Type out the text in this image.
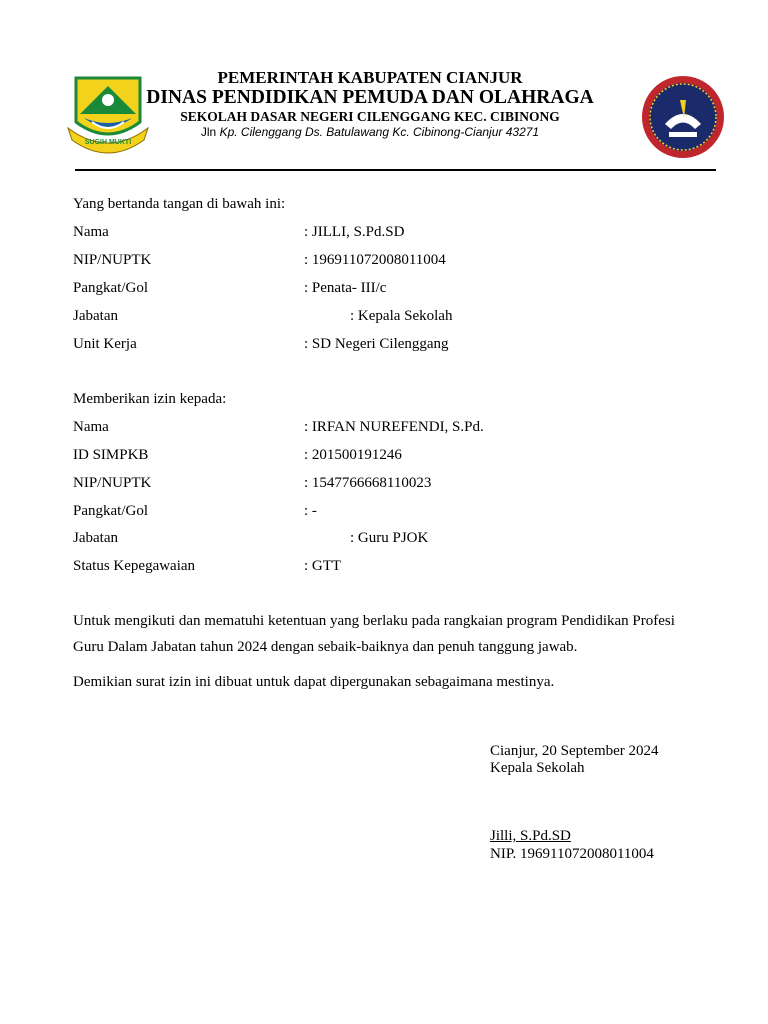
SUGIH MUKTI
PEMERINTAH KABUPATEN CIANJUR
DINAS PENDIDIKAN PEMUDA DAN OLAHRAGA
SEKOLAH DASAR NEGERI CILENGGANG KEC. CIBINONG
Jln Kp. Cilenggang Ds. Batulawang Kc. Cibinong-Cianjur 43271
Yang bertanda tangan di bawah ini:
Nama	: JILLI, S.Pd.SD
NIP/NUPTK	: 196911072008011004
Pangkat/Gol	: Penata- III/c
Jabatan	: Kepala Sekolah
Unit Kerja	: SD Negeri Cilenggang
Memberikan izin kepada:
Nama	: IRFAN NUREFENDI, S.Pd.
ID SIMPKB	: 201500191246
NIP/NUPTK	: 1547766668110023
Pangkat/Gol	: -
Jabatan	: Guru PJOK
Status Kepegawaian	: GTT
Untuk mengikuti dan mematuhi ketentuan yang berlaku pada rangkaian program Pendidikan Profesi Guru Dalam Jabatan tahun 2024 dengan sebaik-baiknya dan penuh tanggung jawab.
Demikian surat izin ini dibuat untuk dapat dipergunakan sebagaimana mestinya.
Cianjur, 20 September 2024
Kepala Sekolah
Jilli, S.Pd.SD
NIP. 196911072008011004
